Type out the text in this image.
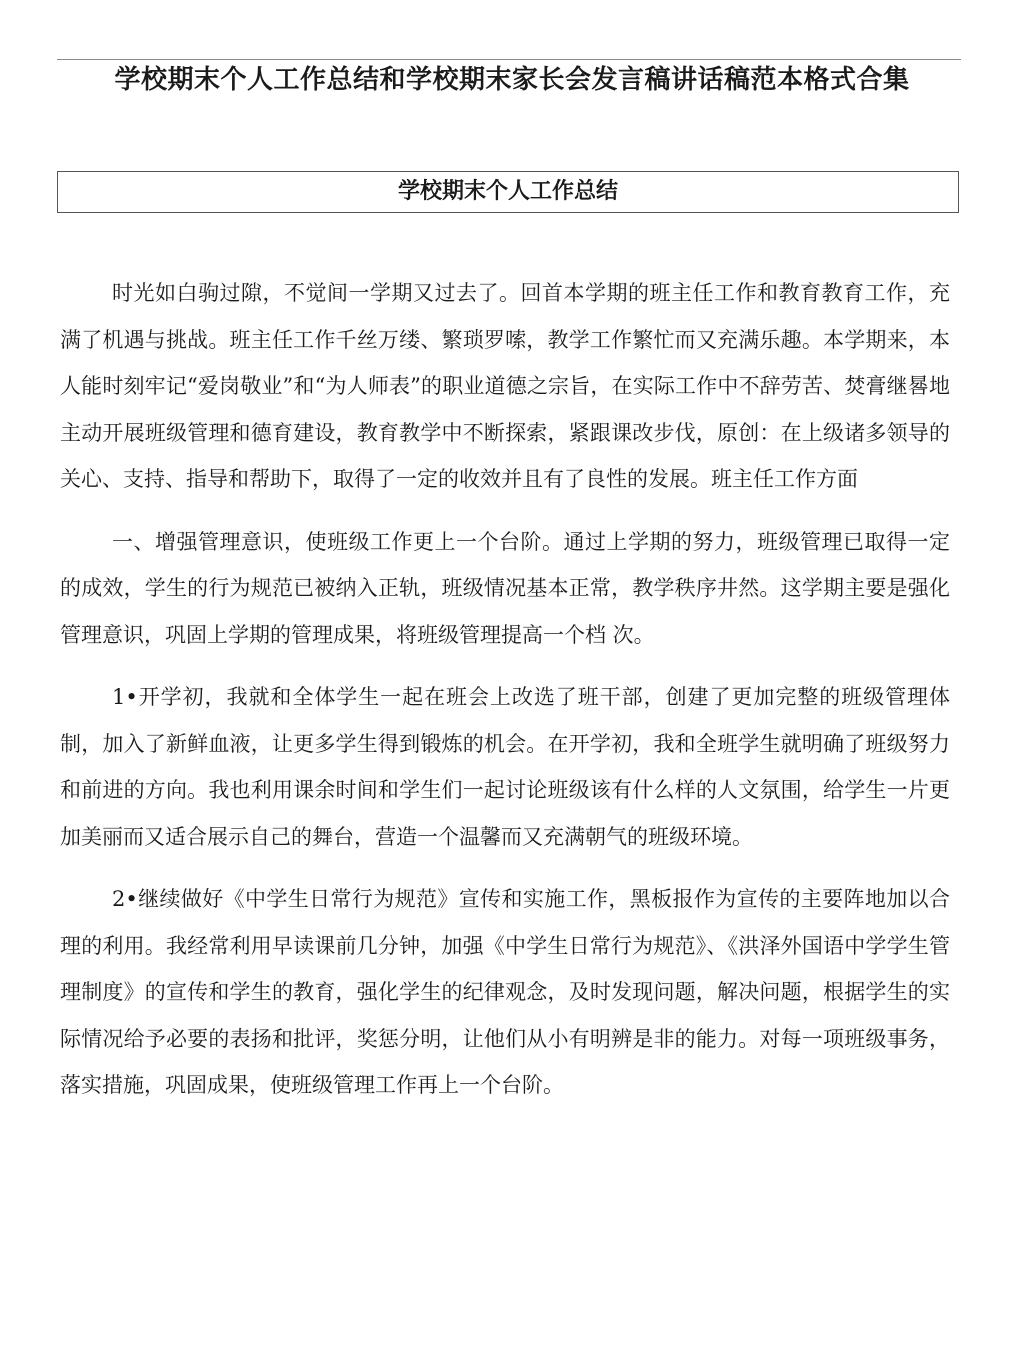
学校期末个人工作总结和学校期末家长会发言稿讲话稿范本格式合集
学校期末个人工作总结

时光如白驹过隙，不觉间一学期又过去了。回首本学期的班主任工作和教育教育工作，充满了机遇与挑战。班主任工作千丝万缕、繁琐罗嗦，教学工作繁忙而又充满乐趣。本学期来，本人能时刻牢记“爱岗敬业”和“为人师表”的职业道德之宗旨，在实际工作中不辞劳苦、焚膏继晷地主动开展班级管理和德育建设，教育教学中不断探索，紧跟课改步伐，原创：在上级诸多领导的关心、支持、指导和帮助下，取得了一定的收效并且有了良性的发展。班主任工作方面

一、增强管理意识，使班级工作更上一个台阶。通过上学期的努力，班级管理已取得一定的成效，学生的行为规范已被纳入正轨，班级情况基本正常，教学秩序井然。这学期主要是强化管理意识，巩固上学期的管理成果，将班级管理提高一个档 次。

1•开学初，我就和全体学生一起在班会上改选了班干部，创建了更加完整的班级管理体制，加入了新鲜血液，让更多学生得到锻炼的机会。在开学初，我和全班学生就明确了班级努力和前进的方向。我也利用课余时间和学生们一起讨论班级该有什么样的人文氛围，给学生一片更加美丽而又适合展示自己的舞台，营造一个温馨而又充满朝气的班级环境。

2•继续做好《中学生日常行为规范》宣传和实施工作，黑板报作为宣传的主要阵地加以合理的利用。我经常利用早读课前几分钟，加强《中学生日常行为规范》、《洪泽外国语中学学生管理制度》的宣传和学生的教育，强化学生的纪律观念，及时发现问题，解决问题，根据学生的实际情况给予必要的表扬和批评，奖惩分明，让他们从小有明辨是非的能力。对每一项班级事务，落实措施，巩固成果，使班级管理工作再上一个台阶。
